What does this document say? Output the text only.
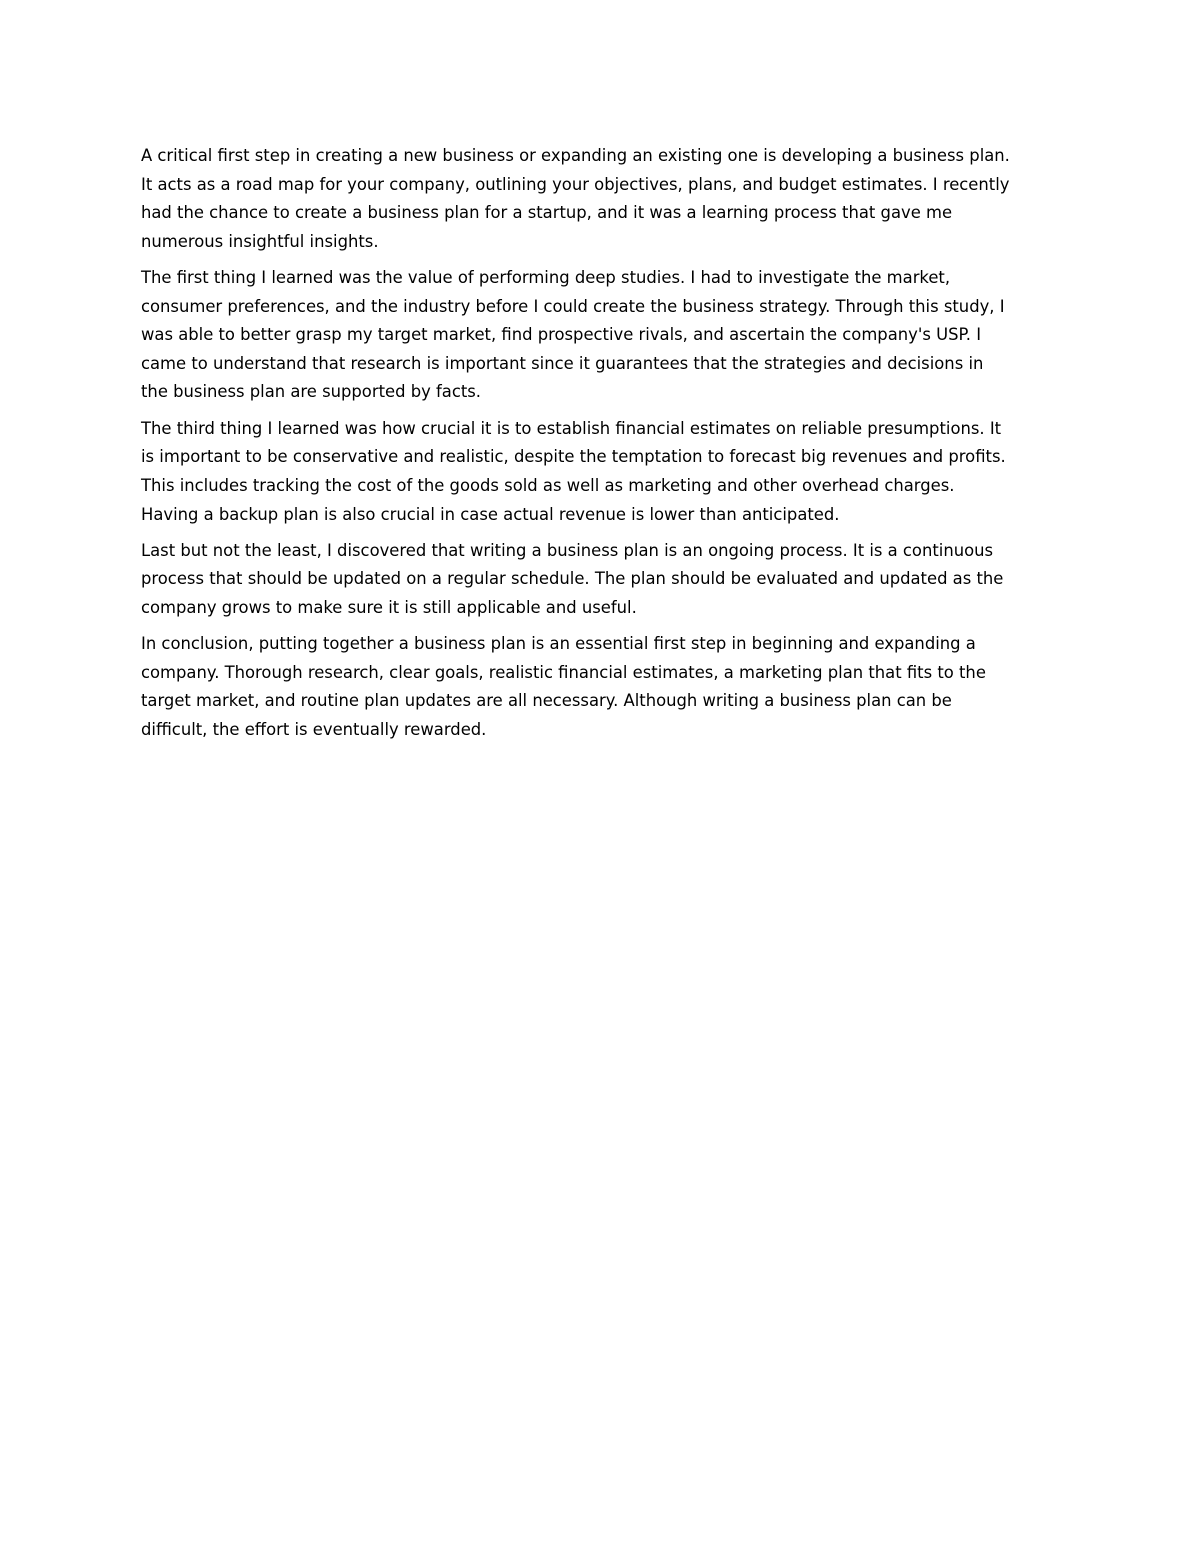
A critical first step in creating a new business or expanding an existing one is developing a business plan.
It acts as a road map for your company, outlining your objectives, plans, and budget estimates. I recently
had the chance to create a business plan for a startup, and it was a learning process that gave me
numerous insightful insights.

The first thing I learned was the value of performing deep studies. I had to investigate the market,
consumer preferences, and the industry before I could create the business strategy. Through this study, I
was able to better grasp my target market, find prospective rivals, and ascertain the company's USP. I
came to understand that research is important since it guarantees that the strategies and decisions in
the business plan are supported by facts.

The third thing I learned was how crucial it is to establish financial estimates on reliable presumptions. It
is important to be conservative and realistic, despite the temptation to forecast big revenues and profits.
This includes tracking the cost of the goods sold as well as marketing and other overhead charges.
Having a backup plan is also crucial in case actual revenue is lower than anticipated.

Last but not the least, I discovered that writing a business plan is an ongoing process. It is a continuous
process that should be updated on a regular schedule. The plan should be evaluated and updated as the
company grows to make sure it is still applicable and useful.

In conclusion, putting together a business plan is an essential first step in beginning and expanding a
company. Thorough research, clear goals, realistic financial estimates, a marketing plan that fits to the
target market, and routine plan updates are all necessary. Although writing a business plan can be
difficult, the effort is eventually rewarded.
